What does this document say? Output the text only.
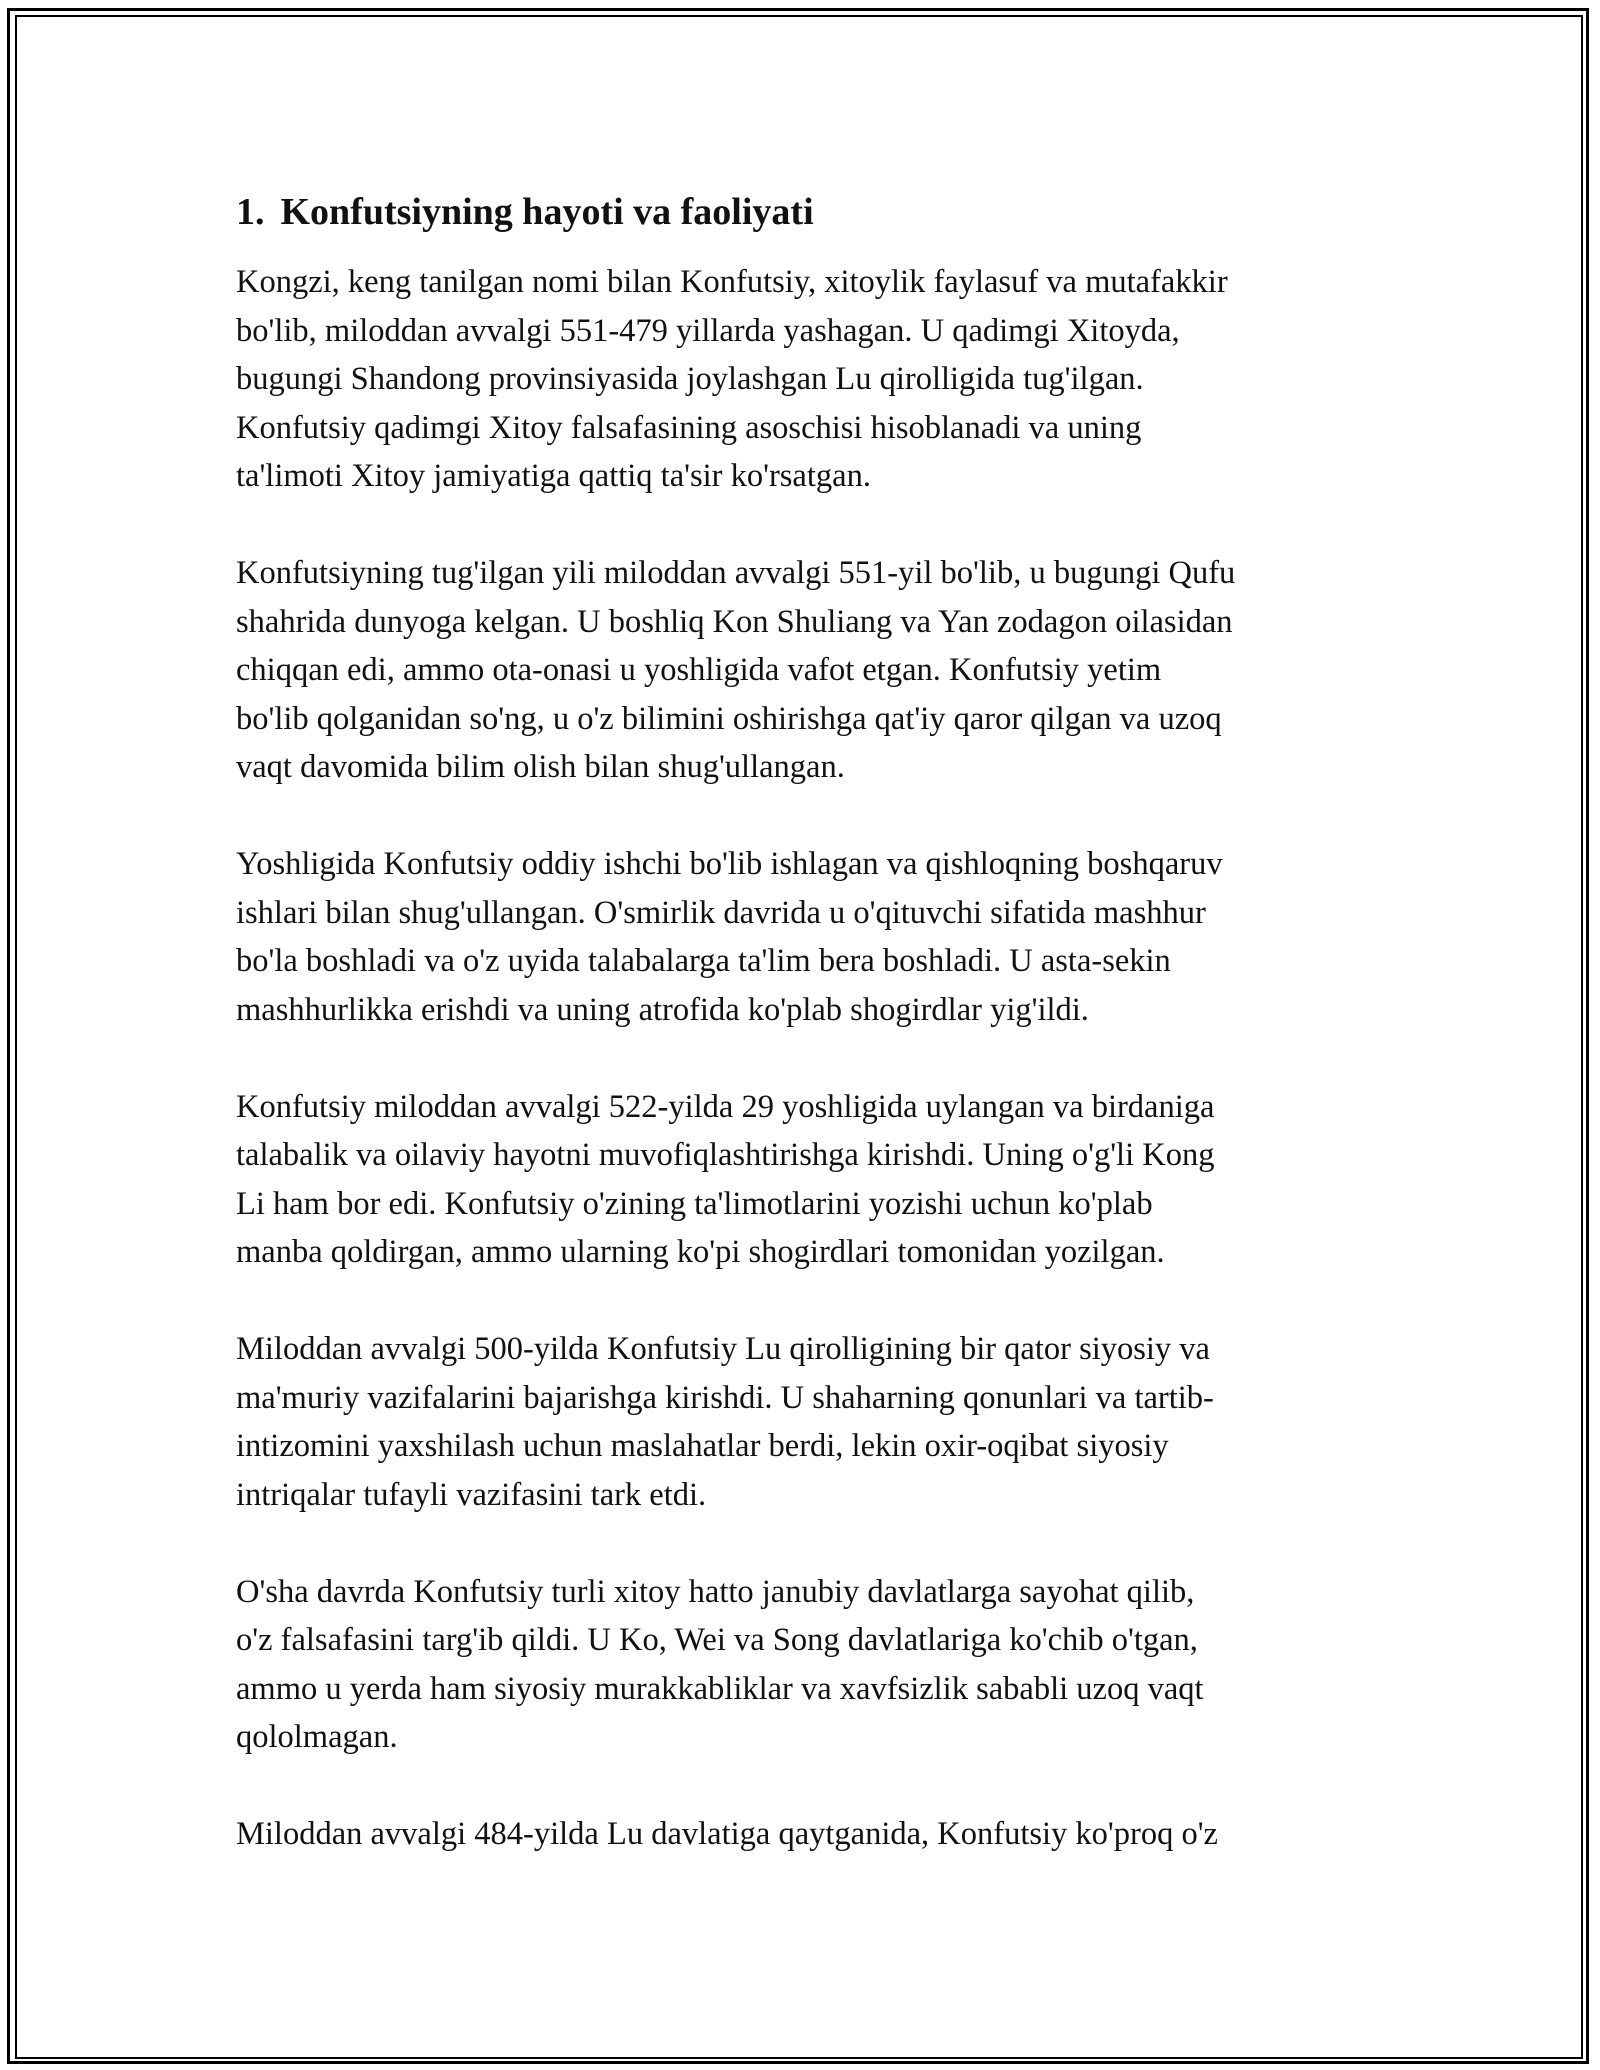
1. Konfutsiyning hayoti va faoliyati
Kongzi, keng tanilgan nomi bilan Konfutsiy, xitoylik faylasuf va mutafakkir
bo'lib, miloddan avvalgi 551-479 yillarda yashagan. U qadimgi Xitoyda,
bugungi Shandong provinsiyasida joylashgan Lu qirolligida tug'ilgan.
Konfutsiy qadimgi Xitoy falsafasining asoschisi hisoblanadi va uning
ta'limoti Xitoy jamiyatiga qattiq ta'sir ko'rsatgan.
Konfutsiyning tug'ilgan yili miloddan avvalgi 551-yil bo'lib, u bugungi Qufu
shahrida dunyoga kelgan. U boshliq Kon Shuliang va Yan zodagon oilasidan
chiqqan edi, ammo ota-onasi u yoshligida vafot etgan. Konfutsiy yetim
bo'lib qolganidan so'ng, u o'z bilimini oshirishga qat'iy qaror qilgan va uzoq
vaqt davomida bilim olish bilan shug'ullangan.
Yoshligida Konfutsiy oddiy ishchi bo'lib ishlagan va qishloqning boshqaruv
ishlari bilan shug'ullangan. O'smirlik davrida u o'qituvchi sifatida mashhur
bo'la boshladi va o'z uyida talabalarga ta'lim bera boshladi. U asta-sekin
mashhurlikka erishdi va uning atrofida ko'plab shogirdlar yig'ildi.
Konfutsiy miloddan avvalgi 522-yilda 29 yoshligida uylangan va birdaniga
talabalik va oilaviy hayotni muvofiqlashtirishga kirishdi. Uning o'g'li Kong
Li ham bor edi. Konfutsiy o'zining ta'limotlarini yozishi uchun ko'plab
manba qoldirgan, ammo ularning ko'pi shogirdlari tomonidan yozilgan.
Miloddan avvalgi 500-yilda Konfutsiy Lu qirolligining bir qator siyosiy va
ma'muriy vazifalarini bajarishga kirishdi. U shaharning qonunlari va tartib-
intizomini yaxshilash uchun maslahatlar berdi, lekin oxir-oqibat siyosiy
intriqalar tufayli vazifasini tark etdi.
O'sha davrda Konfutsiy turli xitoy hatto janubiy davlatlarga sayohat qilib,
o'z falsafasini targ'ib qildi. U Ko, Wei va Song davlatlariga ko'chib o'tgan,
ammo u yerda ham siyosiy murakkabliklar va xavfsizlik sababli uzoq vaqt
qololmagan.
Miloddan avvalgi 484-yilda Lu davlatiga qaytganida, Konfutsiy ko'proq o'z
